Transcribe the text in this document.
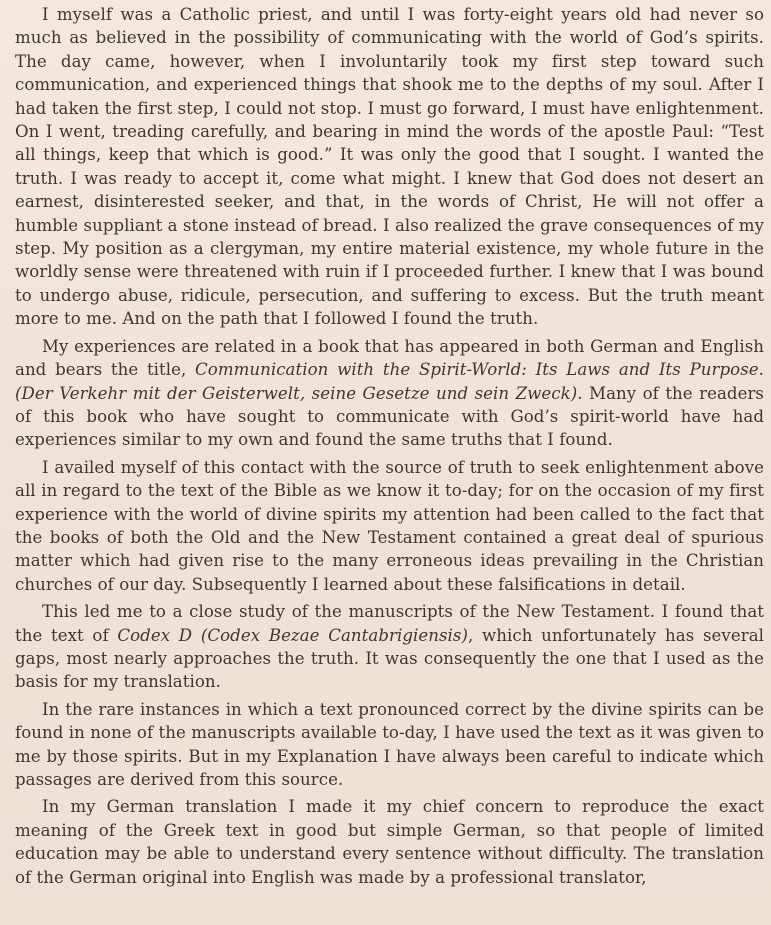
I myself was a Catholic priest, and until I was forty-eight years old had never so much as believed in the possibility of communicating with the world of God’s spirits. The day came, however, when I involuntarily took my first step toward such communication, and experienced things that shook me to the depths of my soul. After I had taken the first step, I could not stop. I must go forward, I must have enlightenment. On I went, treading carefully, and bearing in mind the words of the apostle Paul: “Test all things, keep that which is good.” It was only the good that I sought. I wanted the truth. I was ready to accept it, come what might. I knew that God does not desert an earnest, disinterested seeker, and that, in the words of Christ, He will not offer a humble suppliant a stone instead of bread. I also realized the grave consequences of my step. My position as a clergyman, my entire material existence, my whole future in the worldly sense were threatened with ruin if I proceeded further. I knew that I was bound to undergo abuse, ridicule, persecution, and suffering to excess. But the truth meant more to me. And on the path that I followed I found the truth.

My experiences are related in a book that has appeared in both German and English and bears the title, Communication with the Spirit-World: Its Laws and Its Purpose. (Der Verkehr mit der Geisterwelt, seine Gesetze und sein Zweck). Many of the readers of this book who have sought to communicate with God’s spirit-world have had experiences similar to my own and found the same truths that I found.

I availed myself of this contact with the source of truth to seek enlightenment above all in regard to the text of the Bible as we know it to-day; for on the occasion of my first experience with the world of divine spirits my attention had been called to the fact that the books of both the Old and the New Testament contained a great deal of spurious matter which had given rise to the many erroneous ideas prevailing in the Christian churches of our day. Subsequently I learned about these falsifications in detail.

This led me to a close study of the manuscripts of the New Testament. I found that the text of Codex D (Codex Bezae Cantabrigiensis), which unfortunately has several gaps, most nearly approaches the truth. It was consequently the one that I used as the basis for my translation.

In the rare instances in which a text pronounced correct by the divine spirits can be found in none of the manuscripts available to-day, I have used the text as it was given to me by those spirits. But in my Explanation I have always been careful to indicate which passages are derived from this source.

In my German translation I made it my chief concern to reproduce the exact meaning of the Greek text in good but simple German, so that people of limited education may be able to understand every sentence without difficulty. The translation of the German original into English was made by a professional translator,
